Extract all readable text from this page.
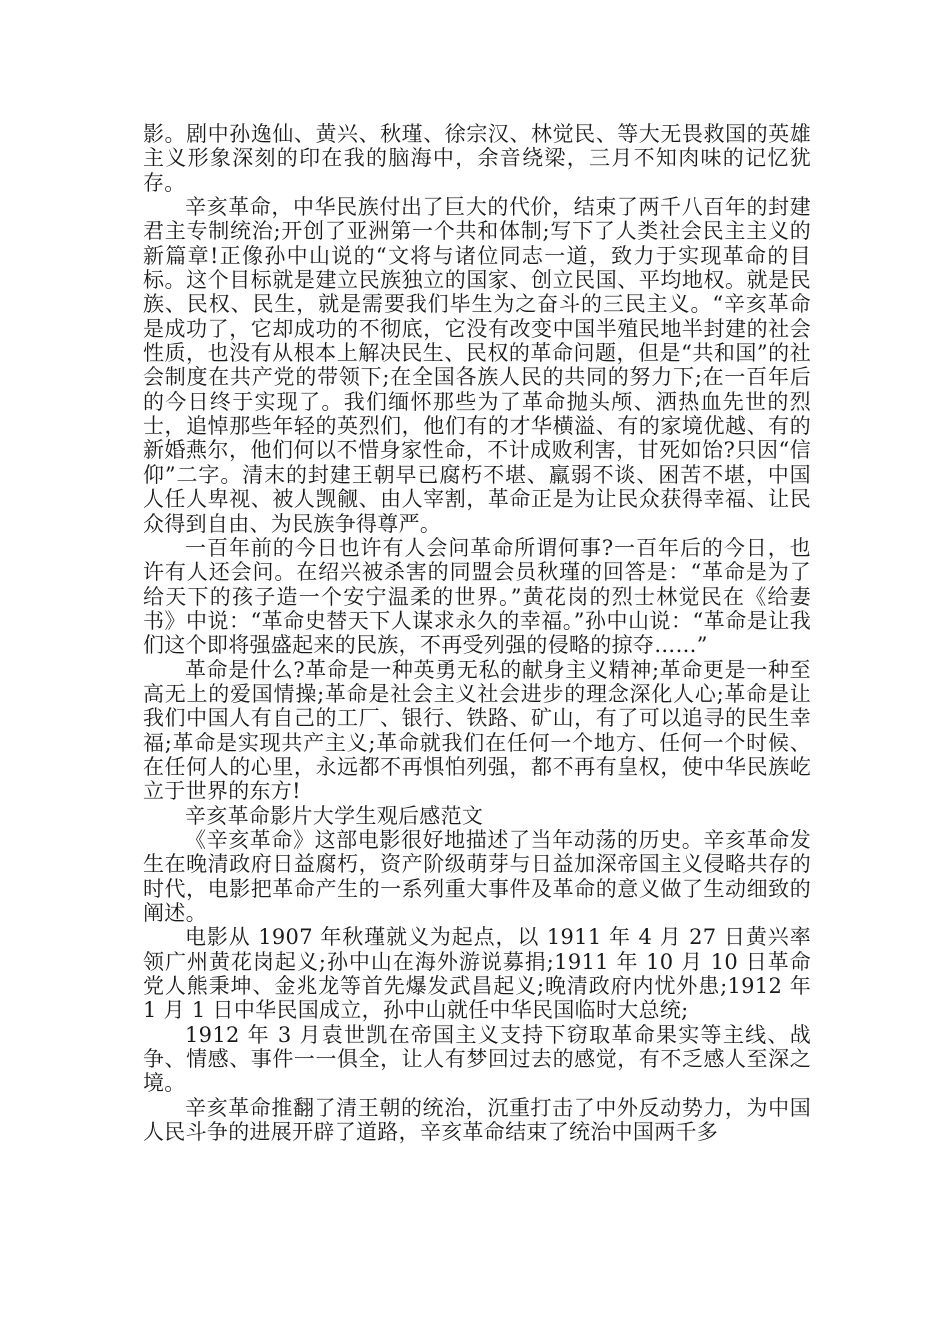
影。剧中孙逸仙、黄兴、秋瑾、徐宗汉、林觉民、等大无畏救国的英雄主义形象深刻的印在我的脑海中，余音绕梁，三月不知肉味的记忆犹存。

辛亥革命，中华民族付出了巨大的代价，结束了两千八百年的封建君主专制统治;开创了亚洲第一个共和体制;写下了人类社会民主主义的新篇章!正像孙中山说的“文将与诸位同志一道，致力于实现革命的目标。这个目标就是建立民族独立的国家、创立民国、平均地权。就是民族、民权、民生，就是需要我们毕生为之奋斗的三民主义。“辛亥革命是成功了，它却成功的不彻底，它没有改变中国半殖民地半封建的社会性质，也没有从根本上解决民生、民权的革命问题，但是“共和国”的社会制度在共产党的带领下;在全国各族人民的共同的努力下;在一百年后的今日终于实现了。我们缅怀那些为了革命抛头颅、洒热血先世的烈士，追悼那些年轻的英烈们，他们有的才华横溢、有的家境优越、有的新婚燕尔，他们何以不惜身家性命，不计成败利害，甘死如饴?只因“信仰”二字。清末的封建王朝早已腐朽不堪、羸弱不谈、困苦不堪，中国人任人卑视、被人觊觎、由人宰割，革命正是为让民众获得幸福、让民众得到自由、为民族争得尊严。

一百年前的今日也许有人会问革命所谓何事?一百年后的今日，也许有人还会问。在绍兴被杀害的同盟会员秋瑾的回答是：“革命是为了给天下的孩子造一个安宁温柔的世界。”黄花岗的烈士林觉民在《给妻书》中说：“革命史替天下人谋求永久的幸福。”孙中山说：“革命是让我们这个即将强盛起来的民族，不再受列强的侵略的掠夺……”

革命是什么?革命是一种英勇无私的献身主义精神;革命更是一种至高无上的爱国情操;革命是社会主义社会进步的理念深化人心;革命是让我们中国人有自己的工厂、银行、铁路、矿山，有了可以追寻的民生幸福;革命是实现共产主义;革命就我们在任何一个地方、任何一个时候、在任何人的心里，永远都不再惧怕列强，都不再有皇权，使中华民族屹立于世界的东方!

辛亥革命影片大学生观后感范文

《辛亥革命》这部电影很好地描述了当年动荡的历史。辛亥革命发生在晚清政府日益腐朽，资产阶级萌芽与日益加深帝国主义侵略共存的时代，电影把革命产生的一系列重大事件及革命的意义做了生动细致的阐述。

电影从 1907 年秋瑾就义为起点，以 1911 年 4 月 27 日黄兴率领广州黄花岗起义;孙中山在海外游说募捐;1911 年 10 月 10 日革命党人熊秉坤、金兆龙等首先爆发武昌起义;晚清政府内忧外患;1912 年 1 月 1 日中华民国成立，孙中山就任中华民国临时大总统;

1912 年 3 月袁世凯在帝国主义支持下窃取革命果实等主线、战争、情感、事件一一俱全，让人有梦回过去的感觉，有不乏感人至深之境。

辛亥革命推翻了清王朝的统治，沉重打击了中外反动势力，为中国人民斗争的进展开辟了道路，辛亥革命结束了统治中国两千多
